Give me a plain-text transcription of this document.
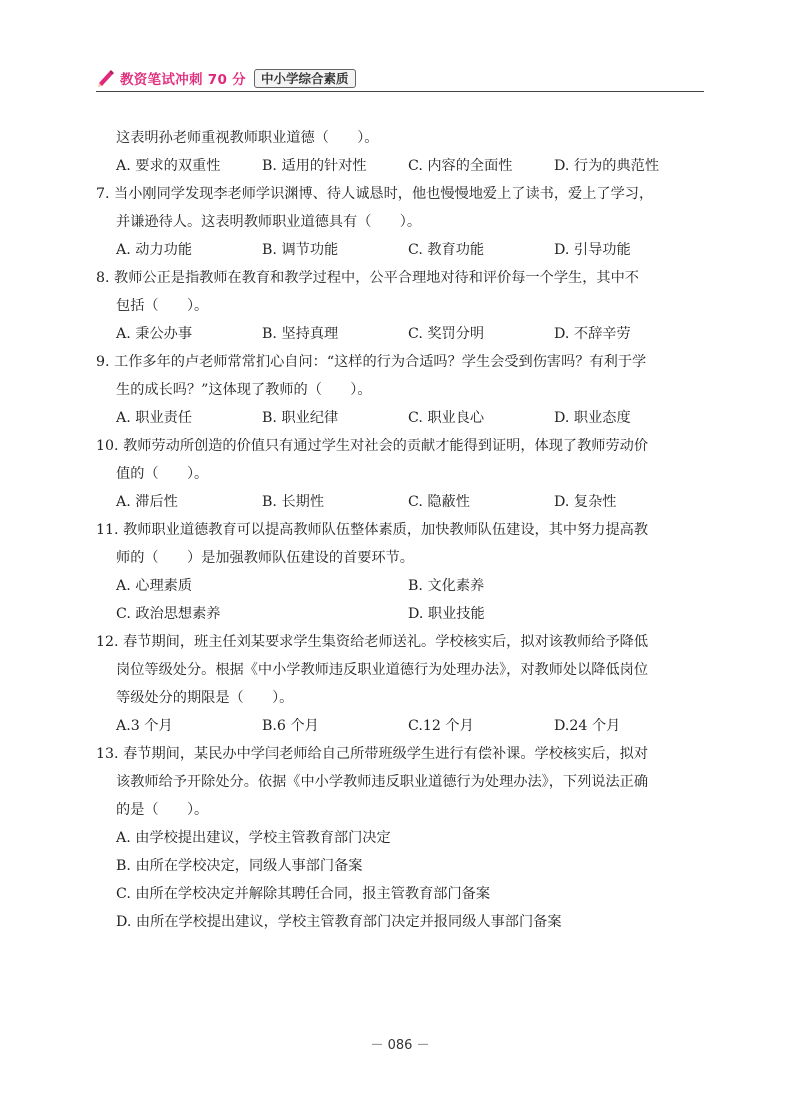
教资笔试冲刺 70 分	中小学综合素质
这表明孙老师重视教师职业道德（　　）。
A. 要求的双重性	B. 适用的针对性	C. 内容的全面性	D. 行为的典范性
7. 当小刚同学发现李老师学识渊博、待人诚恳时，他也慢慢地爱上了读书，爱上了学习，
并谦逊待人。这表明教师职业道德具有（　　）。
A. 动力功能	B. 调节功能	C. 教育功能	D. 引导功能
8. 教师公正是指教师在教育和教学过程中，公平合理地对待和评价每一个学生，其中不
包括（　　）。
A. 秉公办事	B. 坚持真理	C. 奖罚分明	D. 不辞辛劳
9. 工作多年的卢老师常常扪心自问：“这样的行为合适吗？学生会受到伤害吗？有利于学
生的成长吗？”这体现了教师的（　　）。
A. 职业责任	B. 职业纪律	C. 职业良心	D. 职业态度
10. 教师劳动所创造的价值只有通过学生对社会的贡献才能得到证明，体现了教师劳动价
值的（　　）。
A. 滞后性	B. 长期性	C. 隐蔽性	D. 复杂性
11. 教师职业道德教育可以提高教师队伍整体素质，加快教师队伍建设，其中努力提高教
师的（　　）是加强教师队伍建设的首要环节。
A. 心理素质	B. 文化素养
C. 政治思想素养	D. 职业技能
12. 春节期间，班主任刘某要求学生集资给老师送礼。学校核实后，拟对该教师给予降低
岗位等级处分。根据《中小学教师违反职业道德行为处理办法》，对教师处以降低岗位
等级处分的期限是（　　）。
A.3 个月	B.6 个月	C.12 个月	D.24 个月
13. 春节期间，某民办中学闫老师给自己所带班级学生进行有偿补课。学校核实后，拟对
该教师给予开除处分。依据《中小学教师违反职业道德行为处理办法》，下列说法正确
的是（　　）。
A. 由学校提出建议，学校主管教育部门决定
B. 由所在学校决定，同级人事部门备案
C. 由所在学校决定并解除其聘任合同，报主管教育部门备案
D. 由所在学校提出建议，学校主管教育部门决定并报同级人事部门备案
－ 086 －
